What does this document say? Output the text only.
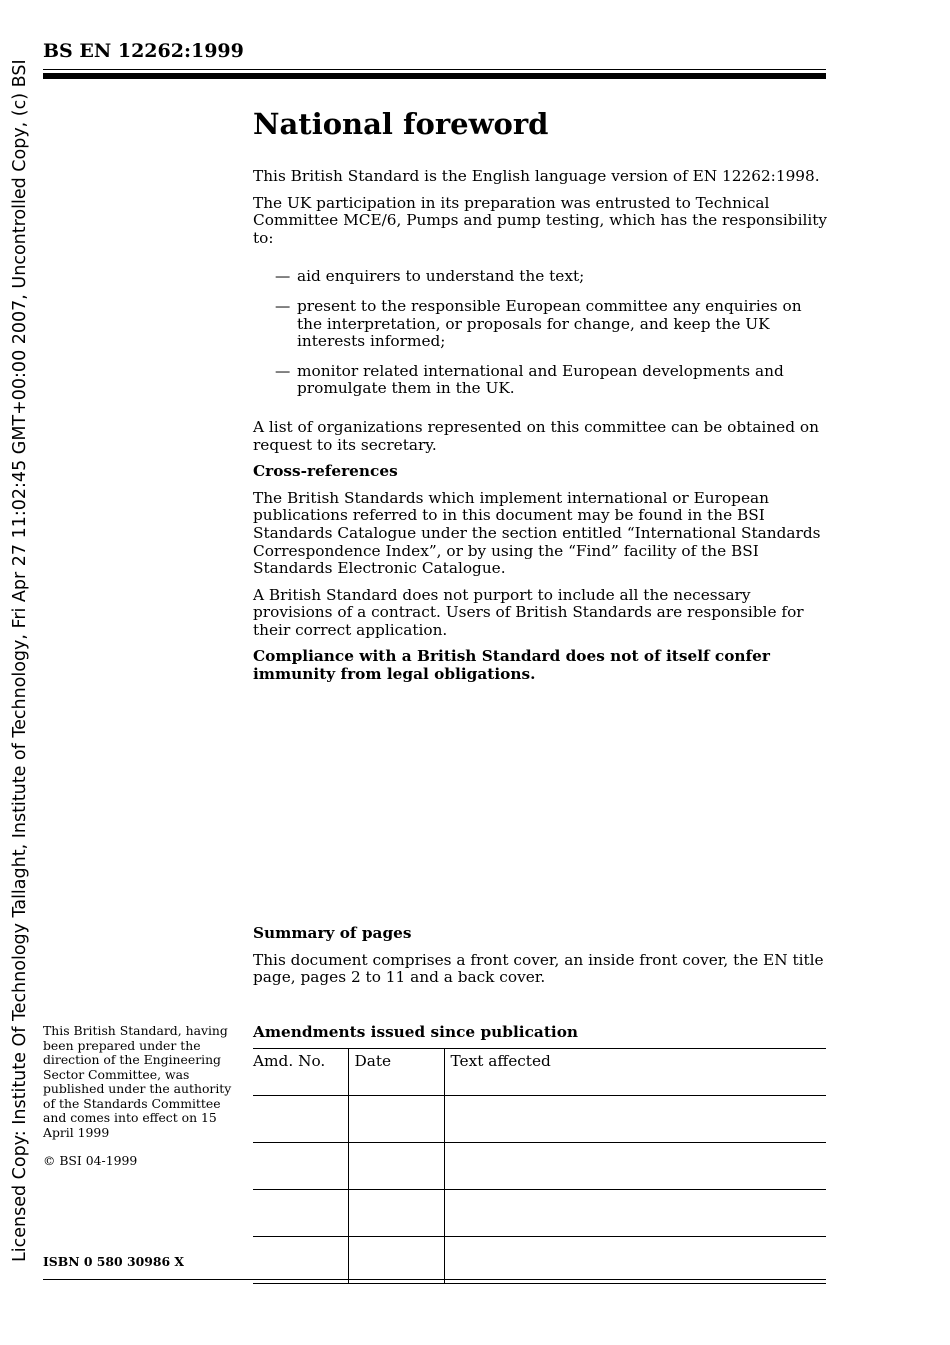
BS EN 12262:1999
Licensed Copy: Institute Of Technology Tallaght, Institute of Technology, Fri Apr 27 11:02:45 GMT+00:00 2007, Uncontrolled Copy, (c) BSI	National foreword

This British Standard is the English language version of EN 12262:1998.

The UK participation in its preparation was entrusted to Technical Committee MCE/6, Pumps and pump testing, which has the responsibility to:

— aid enquirers to understand the text;
— present to the responsible European committee any enquiries on the interpretation, or proposals for change, and keep the UK interests informed;
— monitor related international and European developments and promulgate them in the UK.

A list of organizations represented on this committee can be obtained on request to its secretary.

Cross-references

The British Standards which implement international or European publications referred to in this document may be found in the BSI Standards Catalogue under the section entitled “International Standards Correspondence Index”, or by using the “Find” facility of the BSI Standards Electronic Catalogue.

A British Standard does not purport to include all the necessary provisions of a contract. Users of British Standards are responsible for their correct application.

Compliance with a British Standard does not of itself confer immunity from legal obligations.

Summary of pages

This document comprises a front cover, an inside front cover, the EN title page, pages 2 to 11 and a back cover.

Amendments issued since publication
Amd. No.	Date	Text affected

This British Standard, having been prepared under the direction of the Engineering Sector Committee, was published under the authority of the Standards Committee and comes into effect on 15 April 1999

© BSI 04-1999

ISBN 0 580 30986 X
